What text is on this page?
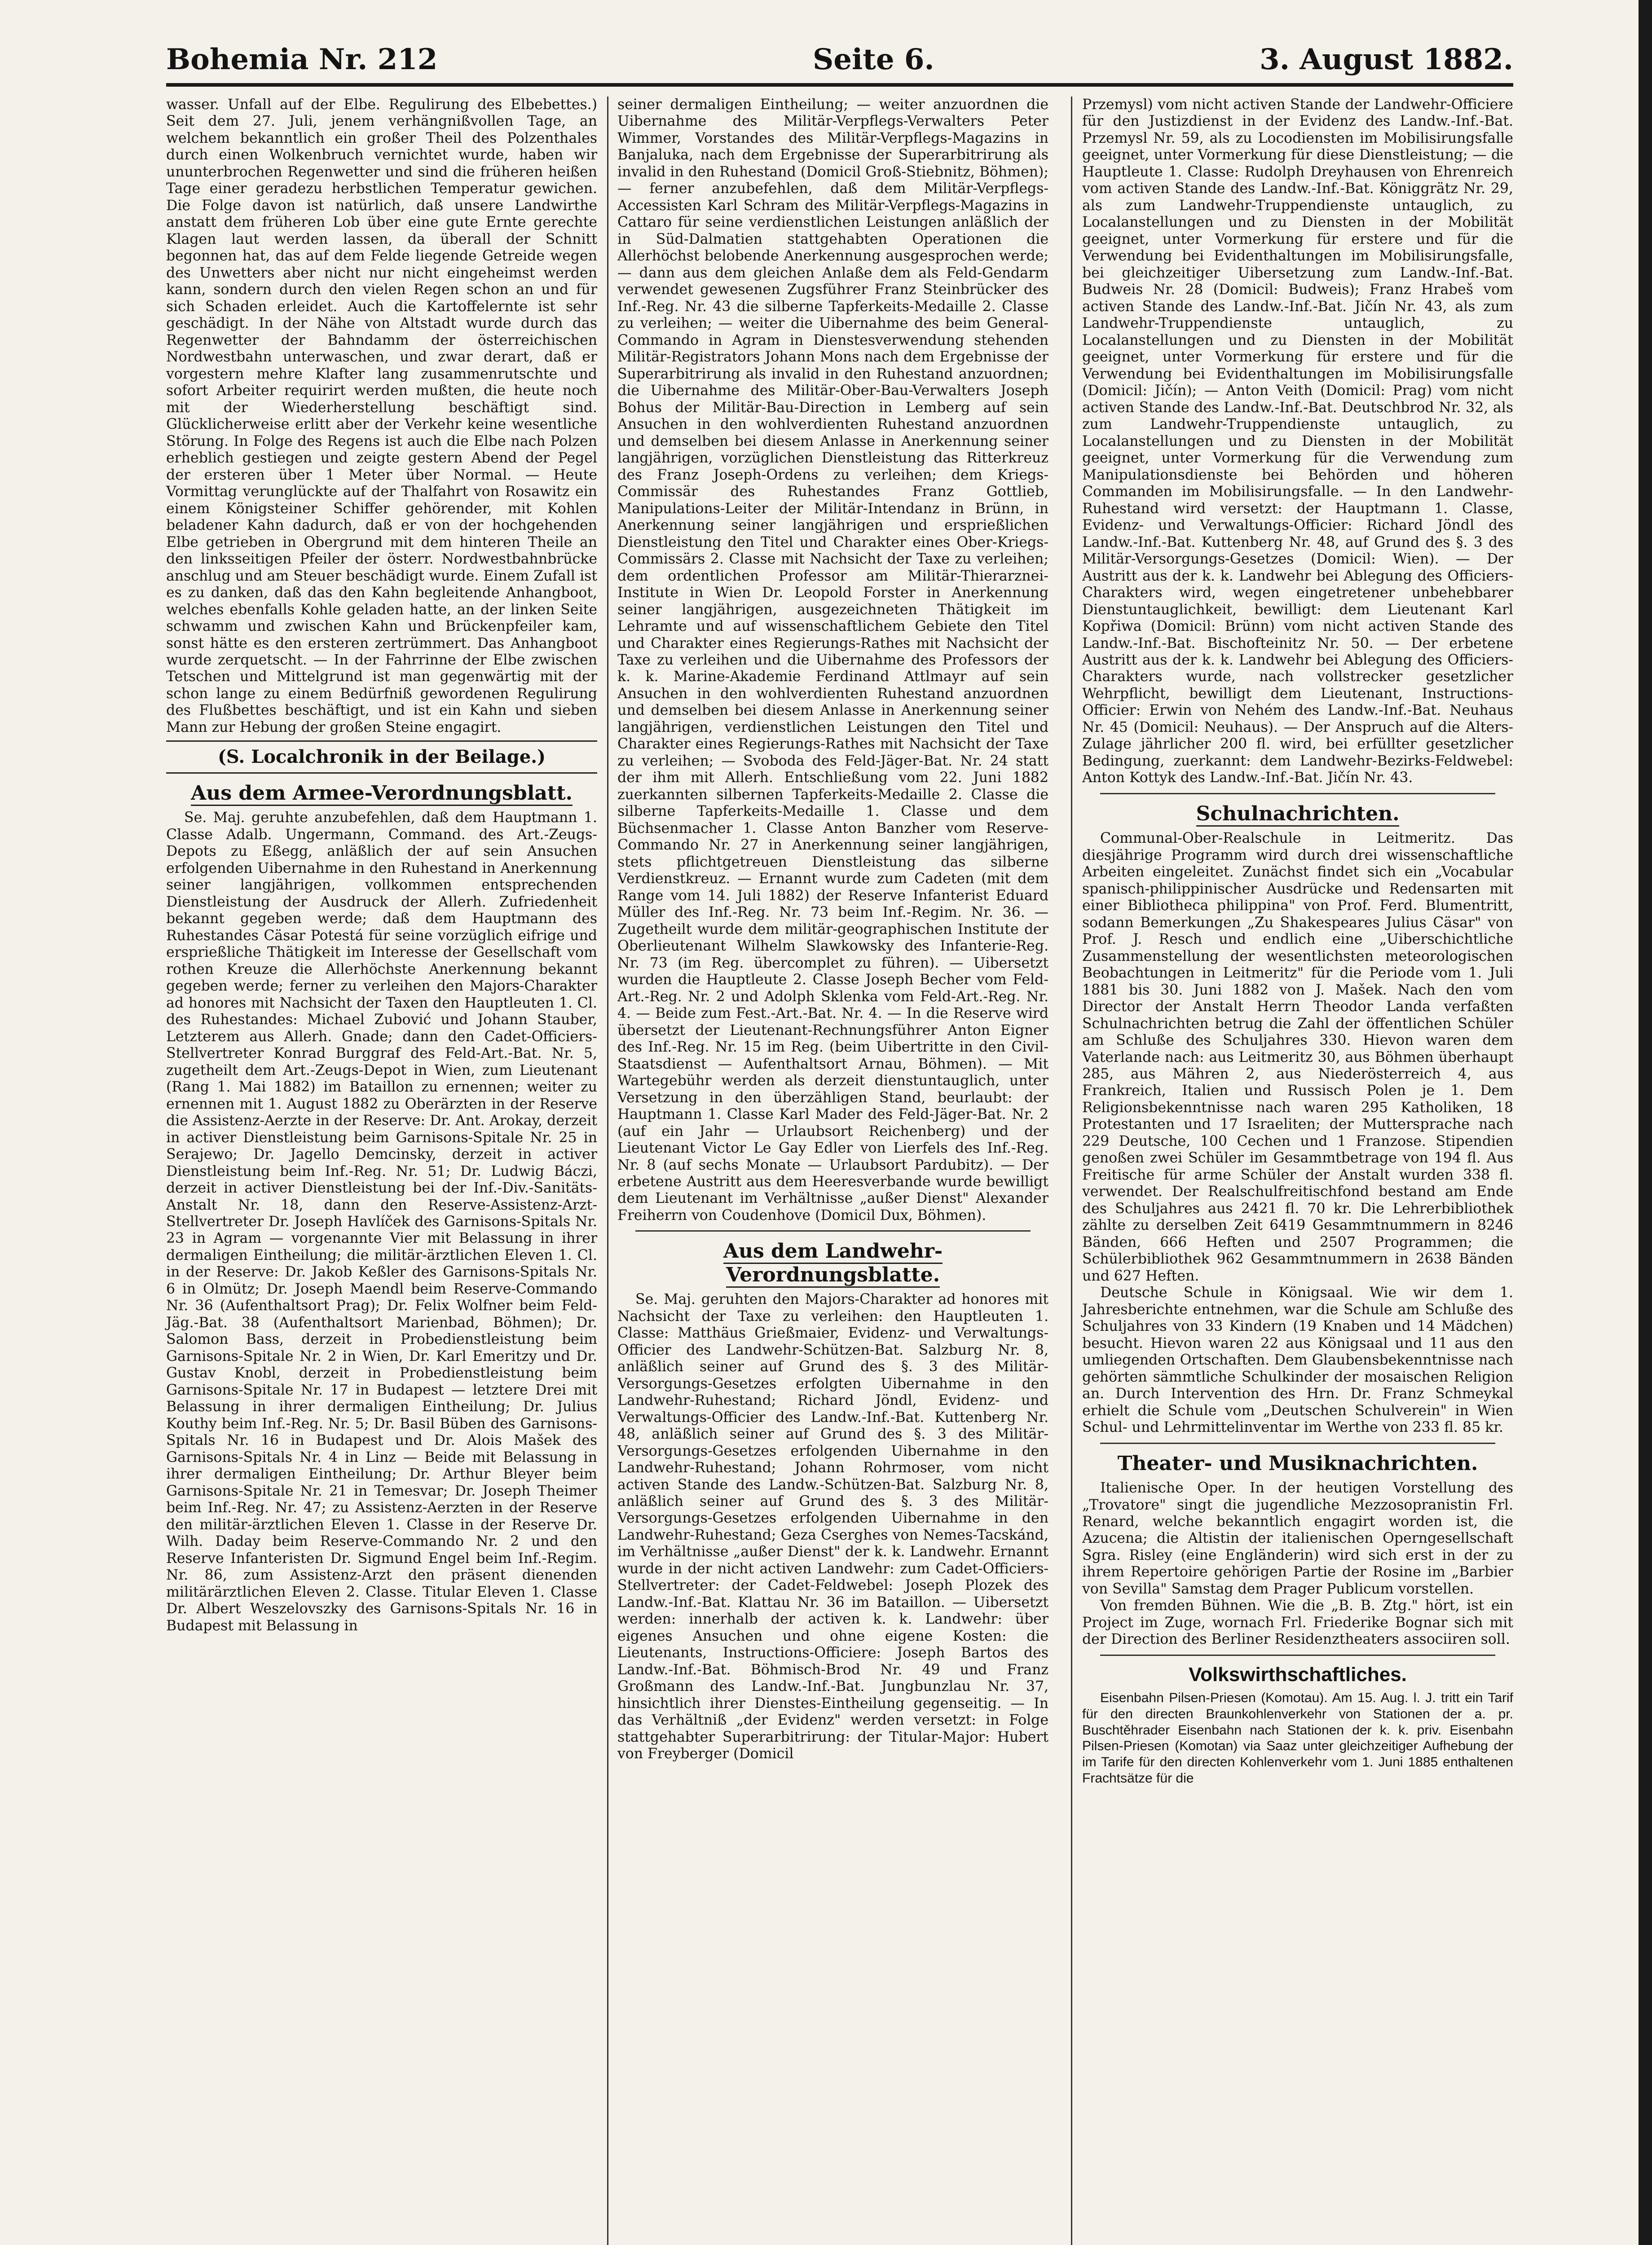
Bohemia Nr. 212	Seite 6.	3. August 1882.

wasser. Unfall auf der Elbe. Regulirung des Elbebettes.) Seit dem 27. Juli, jenem verhängnißvollen Tage, an welchem bekanntlich ein großer Theil des Polzenthales durch einen Wolkenbruch vernichtet wurde, haben wir ununterbrochen Regenwetter und sind die früheren heißen Tage einer geradezu herbstlichen Temperatur gewichen. Die Folge davon ist natürlich, daß unsere Landwirthe anstatt dem früheren Lob über eine gute Ernte gerechte Klagen laut werden lassen, da überall der Schnitt begonnen hat, das auf dem Felde liegende Getreide wegen des Unwetters aber nicht nur nicht eingeheimst werden kann, sondern durch den vielen Regen schon an und für sich Schaden erleidet. Auch die Kartoffelernte ist sehr geschädigt. In der Nähe von Altstadt wurde durch das Regenwetter der Bahndamm der österreichischen Nordwestbahn unterwaschen, und zwar derart, daß er vorgestern mehre Klafter lang zusammenrutschte und sofort Arbeiter requirirt werden mußten, die heute noch mit der Wiederherstellung beschäftigt sind. Glücklicherweise erlitt aber der Verkehr keine wesentliche Störung. In Folge des Regens ist auch die Elbe nach Polzen erheblich gestiegen und zeigte gestern Abend der Pegel der ersteren über 1 Meter über Normal. — Heute Vormittag verunglückte auf der Thalfahrt von Rosawitz ein einem Königsteiner Schiffer gehörender, mit Kohlen beladener Kahn dadurch, daß er von der hochgehenden Elbe getrieben in Obergrund mit dem hinteren Theile an den linksseitigen Pfeiler der österr. Nordwestbahnbrücke anschlug und am Steuer beschädigt wurde. Einem Zufall ist es zu danken, daß das den Kahn begleitende Anhangboot, welches ebenfalls Kohle geladen hatte, an der linken Seite schwamm und zwischen Kahn und Brückenpfeiler kam, sonst hätte es den ersteren zertrümmert. Das Anhangboot wurde zerquetscht. — In der Fahrrinne der Elbe zwischen Tetschen und Mittelgrund ist man gegenwärtig mit der schon lange zu einem Bedürfniß gewordenen Regulirung des Flußbettes beschäftigt, und ist ein Kahn und sieben Mann zur Hebung der großen Steine engagirt.

(S. Localchronik in der Beilage.)
Aus dem Armee-Verordnungsblatt.

Se. Maj. geruhte anzubefehlen, daß dem Hauptmann 1. Classe Adalb. Ungermann, Command. des Art.-Zeugs-Depots zu Eßegg, anläßlich der auf sein Ansuchen erfolgenden Uibernahme in den Ruhestand in Anerkennung seiner langjährigen, vollkommen entsprechenden Dienstleistung der Ausdruck der Allerh. Zufriedenheit bekannt gegeben werde; daß dem Hauptmann des Ruhestandes Cäsar Potestá für seine vorzüglich eifrige und ersprießliche Thätigkeit im Interesse der Gesellschaft vom rothen Kreuze die Allerhöchste Anerkennung bekannt gegeben werde; ferner zu verleihen den Majors-Charakter ad honores mit Nachsicht der Taxen den Hauptleuten 1. Cl. des Ruhestandes: Michael Zubović und Johann Stauber, Letzterem aus Allerh. Gnade; dann den Cadet-Officiers-Stellvertreter Konrad Burggraf des Feld-Art.-Bat. Nr. 5, zugetheilt dem Art.-Zeugs-Depot in Wien, zum Lieutenant (Rang 1. Mai 1882) im Bataillon zu ernennen; weiter zu ernennen mit 1. August 1882 zu Oberärzten in der Reserve die Assistenz-Aerzte in der Reserve: Dr. Ant. Arokay, derzeit in activer Dienstleistung beim Garnisons-Spitale Nr. 25 in Serajewo; Dr. Jagello Demcinsky, derzeit in activer Dienstleistung beim Inf.-Reg. Nr. 51; Dr. Ludwig Báczi, derzeit in activer Dienstleistung bei der Inf.-Div.-Sanitäts-Anstalt Nr. 18, dann den Reserve-Assistenz-Arzt-Stellvertreter Dr. Joseph Havlíček des Garnisons-Spitals Nr. 23 in Agram — vorgenannte Vier mit Belassung in ihrer dermaligen Eintheilung; die militär-ärztlichen Eleven 1. Cl. in der Reserve: Dr. Jakob Keßler des Garnisons-Spitals Nr. 6 in Olmütz; Dr. Joseph Maendl beim Reserve-Commando Nr. 36 (Aufenthaltsort Prag); Dr. Felix Wolfner beim Feld-Jäg.-Bat. 38 (Aufenthaltsort Marienbad, Böhmen); Dr. Salomon Bass, derzeit in Probedienstleistung beim Garnisons-Spitale Nr. 2 in Wien, Dr. Karl Emeritzy und Dr. Gustav Knobl, derzeit in Probedienstleistung beim Garnisons-Spitale Nr. 17 in Budapest — letztere Drei mit Belassung in ihrer dermaligen Eintheilung; Dr. Julius Kouthy beim Inf.-Reg. Nr. 5; Dr. Basil Büben des Garnisons-Spitals Nr. 16 in Budapest und Dr. Alois Mašek des Garnisons-Spitals Nr. 4 in Linz — Beide mit Belassung in ihrer dermaligen Eintheilung; Dr. Arthur Bleyer beim Garnisons-Spitale Nr. 21 in Temesvar; Dr. Joseph Theimer beim Inf.-Reg. Nr. 47; zu Assistenz-Aerzten in der Reserve den militär-ärztlichen Eleven 1. Classe in der Reserve Dr. Wilh. Daday beim Reserve-Commando Nr. 2 und den Reserve Infanteristen Dr. Sigmund Engel beim Inf.-Regim. Nr. 86, zum Assistenz-Arzt den präsent dienenden militärärztlichen Eleven 2. Classe. Titular Eleven 1. Classe Dr. Albert Weszelovszky des Garnisons-Spitals Nr. 16 in Budapest mit Belassung in

seiner dermaligen Eintheilung; — weiter anzuordnen die Uibernahme des Militär-Verpflegs-Verwalters Peter Wimmer, Vorstandes des Militär-Verpflegs-Magazins in Banjaluka, nach dem Ergebnisse der Superarbitrirung als invalid in den Ruhestand (Domicil Groß-Stiebnitz, Böhmen); — ferner anzubefehlen, daß dem Militär-Verpflegs-Accessisten Karl Schram des Militär-Verpflegs-Magazins in Cattaro für seine verdienstlichen Leistungen anläßlich der in Süd-Dalmatien stattgehabten Operationen die Allerhöchst belobende Anerkennung ausgesprochen werde; — dann aus dem gleichen Anlaße dem als Feld-Gendarm verwendet gewesenen Zugsführer Franz Steinbrücker des Inf.-Reg. Nr. 43 die silberne Tapferkeits-Medaille 2. Classe zu verleihen; — weiter die Uibernahme des beim General-Commando in Agram in Dienstesverwendung stehenden Militär-Registrators Johann Mons nach dem Ergebnisse der Superarbitrirung als invalid in den Ruhestand anzuordnen; die Uibernahme des Militär-Ober-Bau-Verwalters Joseph Bohus der Militär-Bau-Direction in Lemberg auf sein Ansuchen in den wohlverdienten Ruhestand anzuordnen und demselben bei diesem Anlasse in Anerkennung seiner langjährigen, vorzüglichen Dienstleistung das Ritterkreuz des Franz Joseph-Ordens zu verleihen; dem Kriegs-Commissär des Ruhestandes Franz Gottlieb, Manipulations-Leiter der Militär-Intendanz in Brünn, in Anerkennung seiner langjährigen und ersprießlichen Dienstleistung den Titel und Charakter eines Ober-Kriegs-Commissärs 2. Classe mit Nachsicht der Taxe zu verleihen; dem ordentlichen Professor am Militär-Thierarznei-Institute in Wien Dr. Leopold Forster in Anerkennung seiner langjährigen, ausgezeichneten Thätigkeit im Lehramte und auf wissenschaftlichem Gebiete den Titel und Charakter eines Regierungs-Rathes mit Nachsicht der Taxe zu verleihen und die Uibernahme des Professors der k. k. Marine-Akademie Ferdinand Attlmayr auf sein Ansuchen in den wohlverdienten Ruhestand anzuordnen und demselben bei diesem Anlasse in Anerkennung seiner langjährigen, verdienstlichen Leistungen den Titel und Charakter eines Regierungs-Rathes mit Nachsicht der Taxe zu verleihen; — Svoboda des Feld-Jäger-Bat. Nr. 24 statt der ihm mit Allerh. Entschließung vom 22. Juni 1882 zuerkannten silbernen Tapferkeits-Medaille 2. Classe die silberne Tapferkeits-Medaille 1. Classe und dem Büchsenmacher 1. Classe Anton Banzher vom Reserve-Commando Nr. 27 in Anerkennung seiner langjährigen, stets pflichtgetreuen Dienstleistung das silberne Verdienstkreuz. — Ernannt wurde zum Cadeten (mit dem Range vom 14. Juli 1882) der Reserve Infanterist Eduard Müller des Inf.-Reg. Nr. 73 beim Inf.-Regim. Nr. 36. — Zugetheilt wurde dem militär-geographischen Institute der Oberlieutenant Wilhelm Slawkowsky des Infanterie-Reg. Nr. 73 (im Reg. übercomplet zu führen). — Uibersetzt wurden die Hauptleute 2. Classe Joseph Becher vom Feld-Art.-Reg. Nr. 2 und Adolph Sklenka vom Feld-Art.-Reg. Nr. 4. — Beide zum Fest.-Art.-Bat. Nr. 4. — In die Reserve wird übersetzt der Lieutenant-Rechnungsführer Anton Eigner des Inf.-Reg. Nr. 15 im Reg. (beim Uibertritte in den Civil-Staatsdienst — Aufenthaltsort Arnau, Böhmen). — Mit Wartegebühr werden als derzeit dienstuntauglich, unter Versetzung in den überzähligen Stand, beurlaubt: der Hauptmann 1. Classe Karl Mader des Feld-Jäger-Bat. Nr. 2 (auf ein Jahr — Urlaubsort Reichenberg) und der Lieutenant Victor Le Gay Edler von Lierfels des Inf.-Reg. Nr. 8 (auf sechs Monate — Urlaubsort Pardubitz). — Der erbetene Austritt aus dem Heeresverbande wurde bewilligt dem Lieutenant im Verhältnisse „außer Dienst" Alexander Freiherrn von Coudenhove (Domicil Dux, Böhmen).

Aus dem Landwehr-Verordnungsblatte.

Se. Maj. geruhten den Majors-Charakter ad honores mit Nachsicht der Taxe zu verleihen: den Hauptleuten 1. Classe: Matthäus Grießmaier, Evidenz- und Verwaltungs-Officier des Landwehr-Schützen-Bat. Salzburg Nr. 8, anläßlich seiner auf Grund des §. 3 des Militär-Versorgungs-Gesetzes erfolgten Uibernahme in den Landwehr-Ruhestand; Richard Jöndl, Evidenz- und Verwaltungs-Officier des Landw.-Inf.-Bat. Kuttenberg Nr. 48, anläßlich seiner auf Grund des §. 3 des Militär-Versorgungs-Gesetzes erfolgenden Uibernahme in den Landwehr-Ruhestand; Johann Rohrmoser, vom nicht activen Stande des Landw.-Schützen-Bat. Salzburg Nr. 8, anläßlich seiner auf Grund des §. 3 des Militär-Versorgungs-Gesetzes erfolgenden Uibernahme in den Landwehr-Ruhestand; Geza Cserghes von Nemes-Tacskánd, im Verhältnisse „außer Dienst" der k. k. Landwehr. Ernannt wurde in der nicht activen Landwehr: zum Cadet-Officiers-Stellvertreter: der Cadet-Feldwebel: Joseph Plozek des Landw.-Inf.-Bat. Klattau Nr. 36 im Bataillon. — Uibersetzt werden: innerhalb der activen k. k. Landwehr: über eigenes Ansuchen und ohne eigene Kosten: die Lieutenants, Instructions-Officiere: Joseph Bartos des Landw.-Inf.-Bat. Böhmisch-Brod Nr. 49 und Franz Großmann des Landw.-Inf.-Bat. Jungbunzlau Nr. 37, hinsichtlich ihrer Dienstes-Eintheilung gegenseitig. — In das Verhältniß „der Evidenz" werden versetzt: in Folge stattgehabter Superarbitrirung: der Titular-Major: Hubert von Freyberger (Domicil

Przemysl) vom nicht activen Stande der Landwehr-Officiere für den Justizdienst in der Evidenz des Landw.-Inf.-Bat. Przemysl Nr. 59, als zu Locodiensten im Mobilisirungsfalle geeignet, unter Vormerkung für diese Dienstleistung; — die Hauptleute 1. Classe: Rudolph Dreyhausen von Ehrenreich vom activen Stande des Landw.-Inf.-Bat. Königgrätz Nr. 29, als zum Landwehr-Truppendienste untauglich, zu Localanstellungen und zu Diensten in der Mobilität geeignet, unter Vormerkung für erstere und für die Verwendung bei Evidenthaltungen im Mobilisirungsfalle, bei gleichzeitiger Uibersetzung zum Landw.-Inf.-Bat. Budweis Nr. 28 (Domicil: Budweis); Franz Hrabeš vom activen Stande des Landw.-Inf.-Bat. Jičín Nr. 43, als zum Landwehr-Truppendienste untauglich, zu Localanstellungen und zu Diensten in der Mobilität geeignet, unter Vormerkung für erstere und für die Verwendung bei Evidenthaltungen im Mobilisirungsfalle (Domicil: Jičín); — Anton Veith (Domicil: Prag) vom nicht activen Stande des Landw.-Inf.-Bat. Deutschbrod Nr. 32, als zum Landwehr-Truppendienste untauglich, zu Localanstellungen und zu Diensten in der Mobilität geeignet, unter Vormerkung für die Verwendung zum Manipulationsdienste bei Behörden und höheren Commanden im Mobilisirungsfalle. — In den Landwehr-Ruhestand wird versetzt: der Hauptmann 1. Classe, Evidenz- und Verwaltungs-Officier: Richard Jöndl des Landw.-Inf.-Bat. Kuttenberg Nr. 48, auf Grund des §. 3 des Militär-Versorgungs-Gesetzes (Domicil: Wien). — Der Austritt aus der k. k. Landwehr bei Ablegung des Officiers-Charakters wird, wegen eingetretener unbehebbarer Dienstuntauglichkeit, bewilligt: dem Lieutenant Karl Kopřiwa (Domicil: Brünn) vom nicht activen Stande des Landw.-Inf.-Bat. Bischofteinitz Nr. 50. — Der erbetene Austritt aus der k. k. Landwehr bei Ablegung des Officiers-Charakters wurde, nach vollstrecker gesetzlicher Wehrpflicht, bewilligt dem Lieutenant, Instructions-Officier: Erwin von Nehém des Landw.-Inf.-Bat. Neuhaus Nr. 45 (Domicil: Neuhaus). — Der Anspruch auf die Alters-Zulage jährlicher 200 fl. wird, bei erfüllter gesetzlicher Bedingung, zuerkannt: dem Landwehr-Bezirks-Feldwebel: Anton Kottyk des Landw.-Inf.-Bat. Jičín Nr. 43.

Schulnachrichten.

Communal-Ober-Realschule in Leitmeritz. Das diesjährige Programm wird durch drei wissenschaftliche Arbeiten eingeleitet. Zunächst findet sich ein „Vocabular spanisch-philippinischer Ausdrücke und Redensarten mit einer Bibliotheca philippina" von Prof. Ferd. Blumentritt, sodann Bemerkungen „Zu Shakespeares Julius Cäsar" von Prof. J. Resch und endlich eine „Uiberschichtliche Zusammenstellung der wesentlichsten meteorologischen Beobachtungen in Leitmeritz" für die Periode vom 1. Juli 1881 bis 30. Juni 1882 von J. Mašek. Nach den vom Director der Anstalt Herrn Theodor Landa verfaßten Schulnachrichten betrug die Zahl der öffentlichen Schüler am Schluße des Schuljahres 330. Hievon waren dem Vaterlande nach: aus Leitmeritz 30, aus Böhmen überhaupt 285, aus Mähren 2, aus Niederösterreich 4, aus Frankreich, Italien und Russisch Polen je 1. Dem Religionsbekenntnisse nach waren 295 Katholiken, 18 Protestanten und 17 Israeliten; der Muttersprache nach 229 Deutsche, 100 Cechen und 1 Franzose. Stipendien genoßen zwei Schüler im Gesammtbetrage von 194 fl. Aus Freitische für arme Schüler der Anstalt wurden 338 fl. verwendet. Der Realschulfreitischfond bestand am Ende des Schuljahres aus 2421 fl. 70 kr. Die Lehrerbibliothek zählte zu derselben Zeit 6419 Gesammtnummern in 8246 Bänden, 666 Heften und 2507 Programmen; die Schülerbibliothek 962 Gesammtnummern in 2638 Bänden und 627 Heften.

Deutsche Schule in Königsaal. Wie wir dem 1. Jahresberichte entnehmen, war die Schule am Schluße des Schuljahres von 33 Kindern (19 Knaben und 14 Mädchen) besucht. Hievon waren 22 aus Königsaal und 11 aus den umliegenden Ortschaften. Dem Glaubensbekenntnisse nach gehörten sämmtliche Schulkinder der mosaischen Religion an. Durch Intervention des Hrn. Dr. Franz Schmeykal erhielt die Schule vom „Deutschen Schulverein" in Wien Schul- und Lehrmittelinventar im Werthe von 233 fl. 85 kr.

Theater- und Musiknachrichten.

Italienische Oper. In der heutigen Vorstellung des „Trovatore" singt die jugendliche Mezzosopranistin Frl. Renard, welche bekanntlich engagirt worden ist, die Azucena; die Altistin der italienischen Operngesellschaft Sgra. Risley (eine Engländerin) wird sich erst in der zu ihrem Repertoire gehörigen Partie der Rosine im „Barbier von Sevilla" Samstag dem Prager Publicum vorstellen.

Von fremden Bühnen. Wie die „B. B. Ztg." hört, ist ein Project im Zuge, wornach Frl. Friederike Bognar sich mit der Direction des Berliner Residenztheaters associiren soll.

Volkswirthschaftliches.

Eisenbahn Pilsen-Priesen (Komotau). Am 15. Aug. l. J. tritt ein Tarif für den directen Braunkohlenverkehr von Stationen der a. pr. Buschtěhrader Eisenbahn nach Stationen der k. k. priv. Eisenbahn Pilsen-Priesen (Komotan) via Saaz unter gleichzeitiger Aufhebung der im Tarife für den directen Kohlenverkehr vom 1. Juni 1885 enthaltenen Frachtsätze für die
